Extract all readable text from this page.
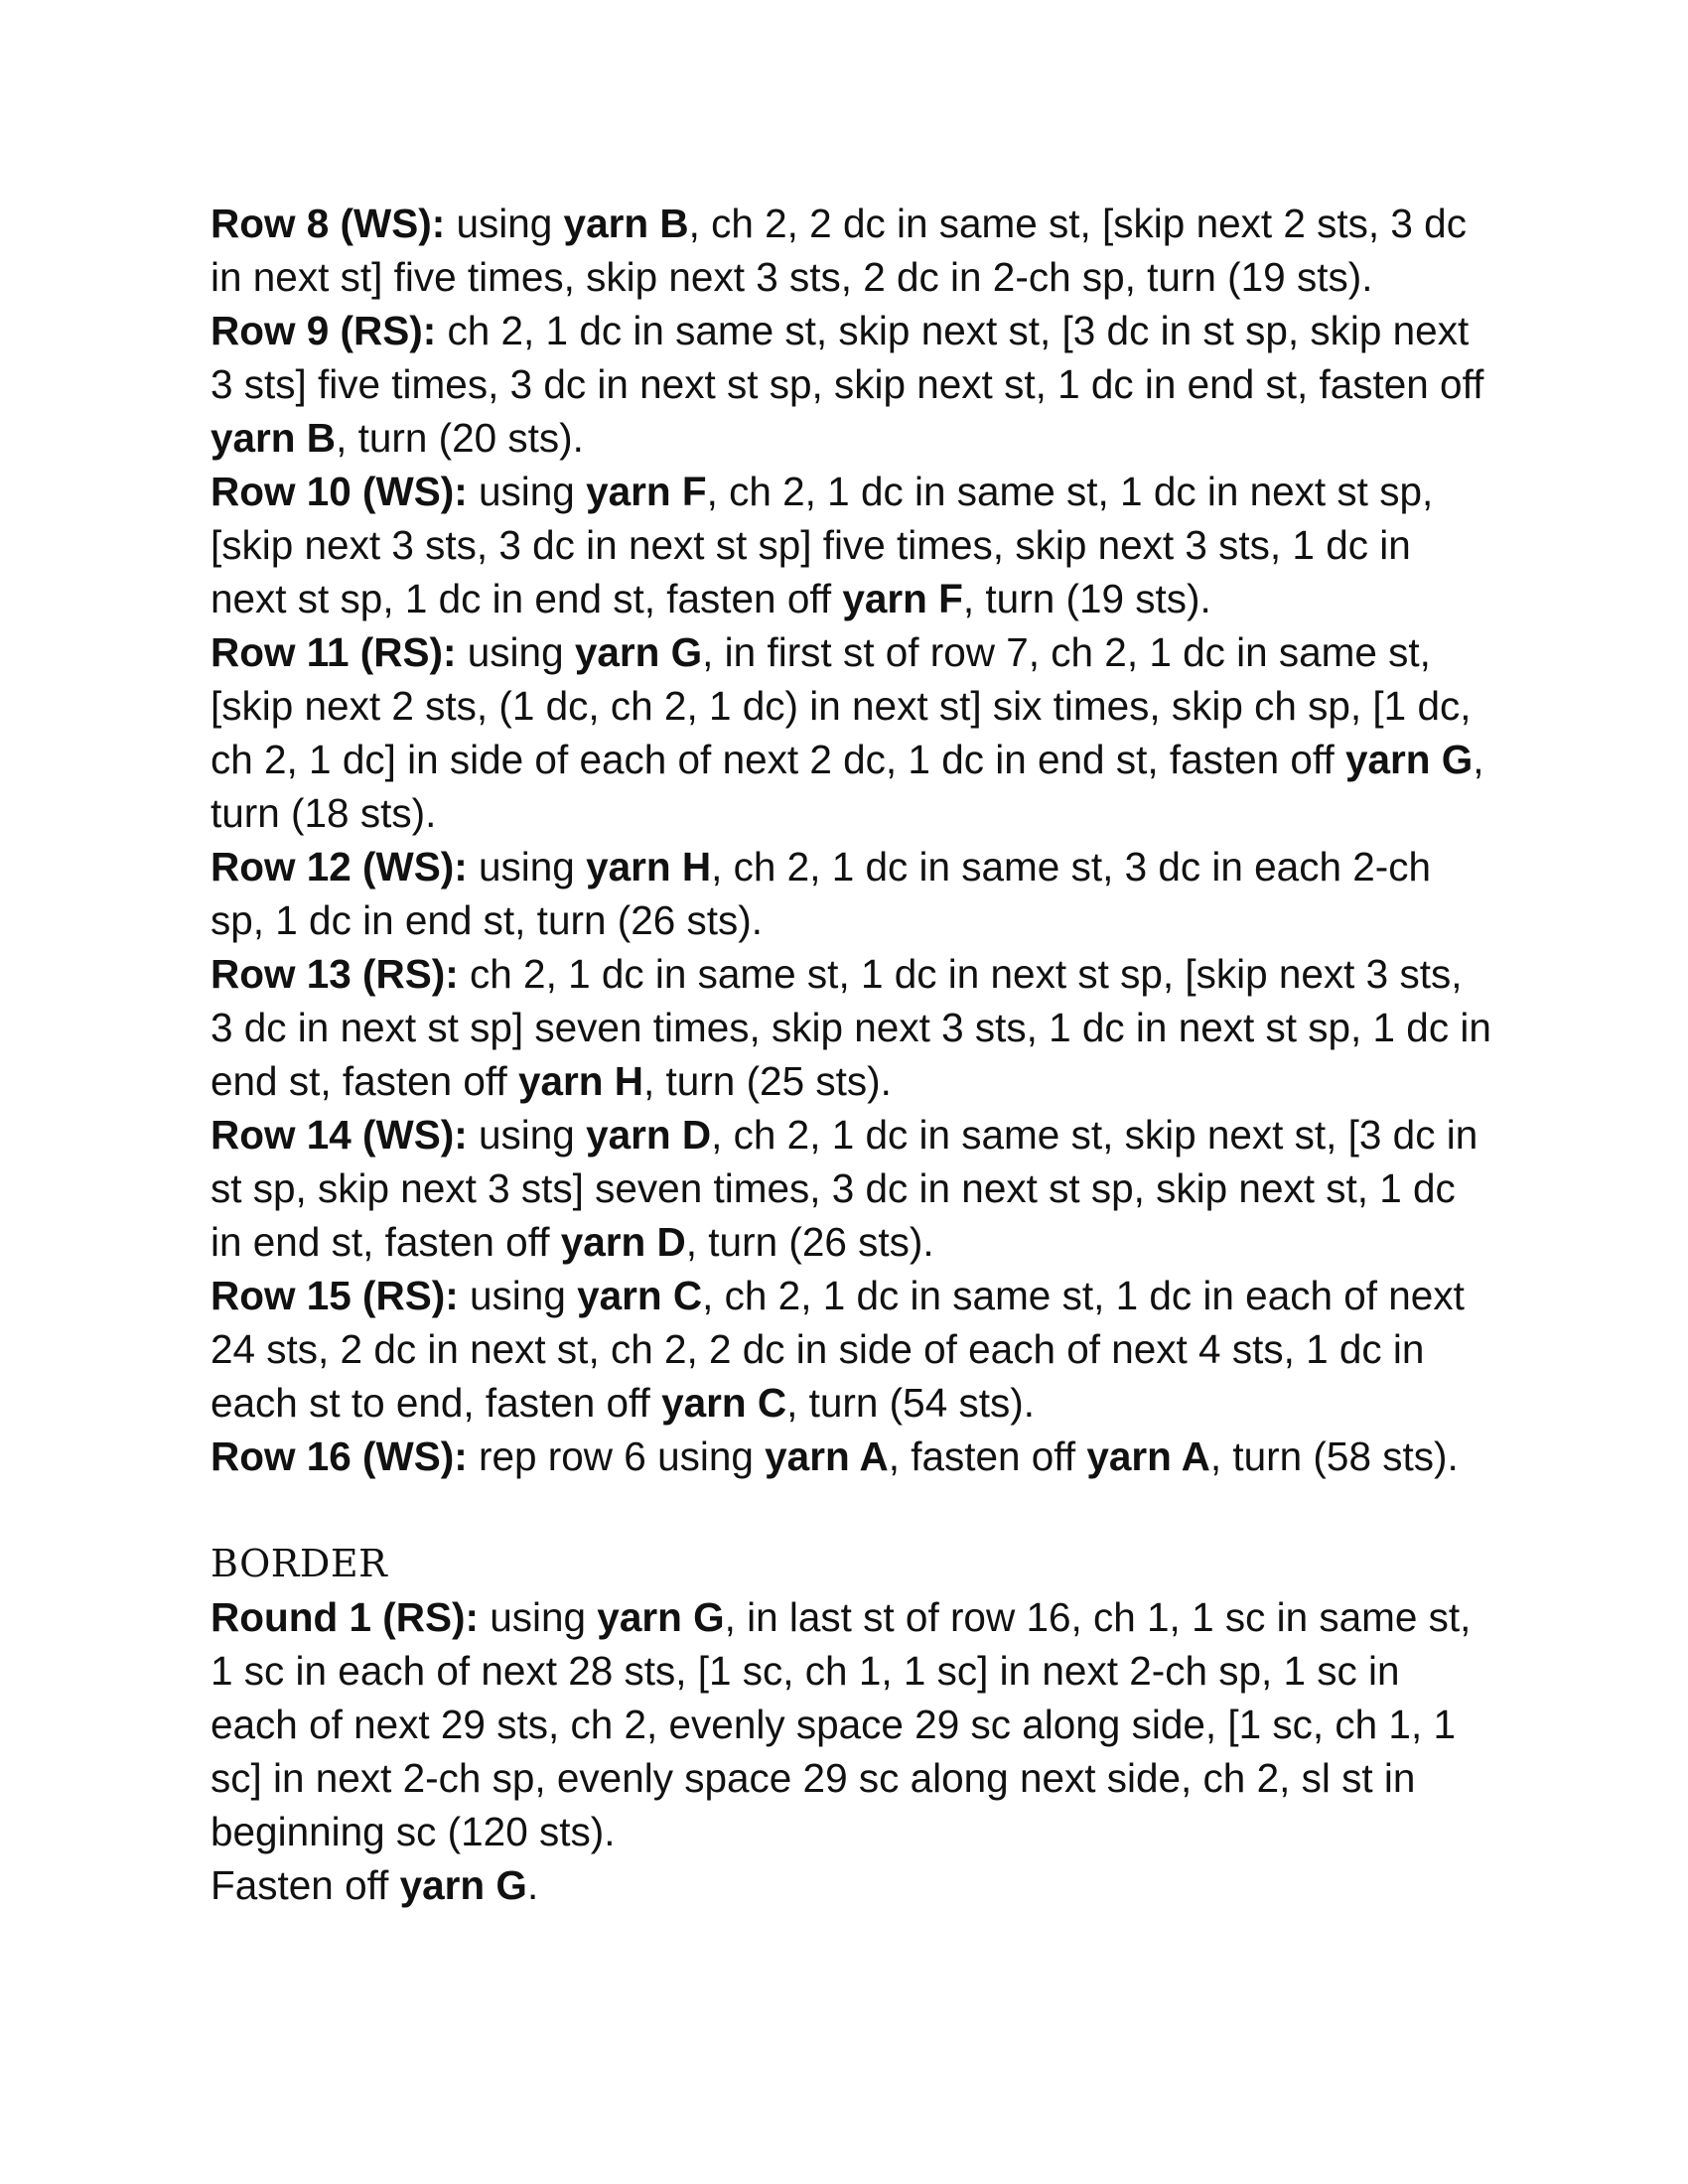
Row 8 (WS): using yarn B, ch 2, 2 dc in same st, [skip next 2 sts, 3 dc in next st] five times, skip next 3 sts, 2 dc in 2-ch sp, turn (19 sts).

Row 9 (RS): ch 2, 1 dc in same st, skip next st, [3 dc in st sp, skip next 3 sts] five times, 3 dc in next st sp, skip next st, 1 dc in end st, fasten off yarn B, turn (20 sts).

Row 10 (WS): using yarn F, ch 2, 1 dc in same st, 1 dc in next st sp, [skip next 3 sts, 3 dc in next st sp] five times, skip next 3 sts, 1 dc in next st sp, 1 dc in end st, fasten off yarn F, turn (19 sts).

Row 11 (RS): using yarn G, in first st of row 7, ch 2, 1 dc in same st, [skip next 2 sts, (1 dc, ch 2, 1 dc) in next st] six times, skip ch sp, [1 dc, ch 2, 1 dc] in side of each of next 2 dc, 1 dc in end st, fasten off yarn G, turn (18 sts).

Row 12 (WS): using yarn H, ch 2, 1 dc in same st, 3 dc in each 2-ch sp, 1 dc in end st, turn (26 sts).

Row 13 (RS): ch 2, 1 dc in same st, 1 dc in next st sp, [skip next 3 sts, 3 dc in next st sp] seven times, skip next 3 sts, 1 dc in next st sp, 1 dc in end st, fasten off yarn H, turn (25 sts).

Row 14 (WS): using yarn D, ch 2, 1 dc in same st, skip next st, [3 dc in st sp, skip next 3 sts] seven times, 3 dc in next st sp, skip next st, 1 dc in end st, fasten off yarn D, turn (26 sts).

Row 15 (RS): using yarn C, ch 2, 1 dc in same st, 1 dc in each of next 24 sts, 2 dc in next st, ch 2, 2 dc in side of each of next 4 sts, 1 dc in each st to end, fasten off yarn C, turn (54 sts).

Row 16 (WS): rep row 6 using yarn A, fasten off yarn A, turn (58 sts).

BORDER

Round 1 (RS): using yarn G, in last st of row 16, ch 1, 1 sc in same st, 1 sc in each of next 28 sts, [1 sc, ch 1, 1 sc] in next 2-ch sp, 1 sc in each of next 29 sts, ch 2, evenly space 29 sc along side, [1 sc, ch 1, 1 sc] in next 2-ch sp, evenly space 29 sc along next side, ch 2, sl st in beginning sc (120 sts).

Fasten off yarn G.
